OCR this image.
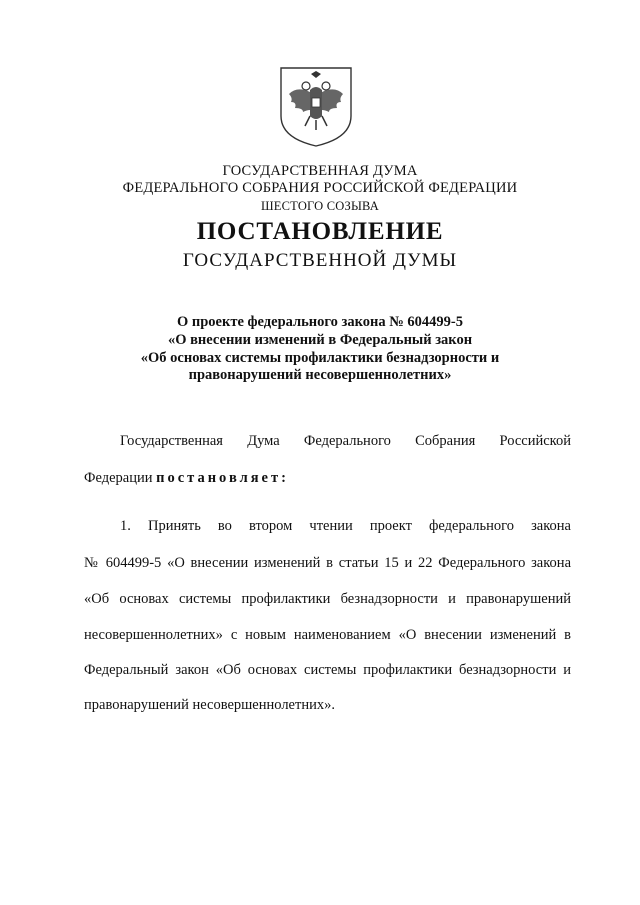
ГОСУДАРСТВЕННАЯ ДУМА
ФЕДЕРАЛЬНОГО СОБРАНИЯ РОССИЙСКОЙ ФЕДЕРАЦИИ
ШЕСТОГО СОЗЫВА
ПОСТАНОВЛЕНИЕ
ГОСУДАРСТВЕННОЙ ДУМЫ
О проекте федерального закона № 604499-5
«О внесении изменений в Федеральный закон
«Об основах системы профилактики безнадзорности и
правонарушений несовершеннолетних»
Государственная Дума Федерального Собрания Российской
Федерации постановляет:
1. Принять во втором чтении проект федерального закона
№ 604499-5 «О внесении изменений в статьи 15 и 22 Федерального закона
«Об основах системы профилактики безнадзорности и правонарушений
несовершеннолетних» с новым наименованием «О внесении изменений в
Федеральный закон «Об основах системы профилактики безнадзорности и
правонарушений несовершеннолетних».
